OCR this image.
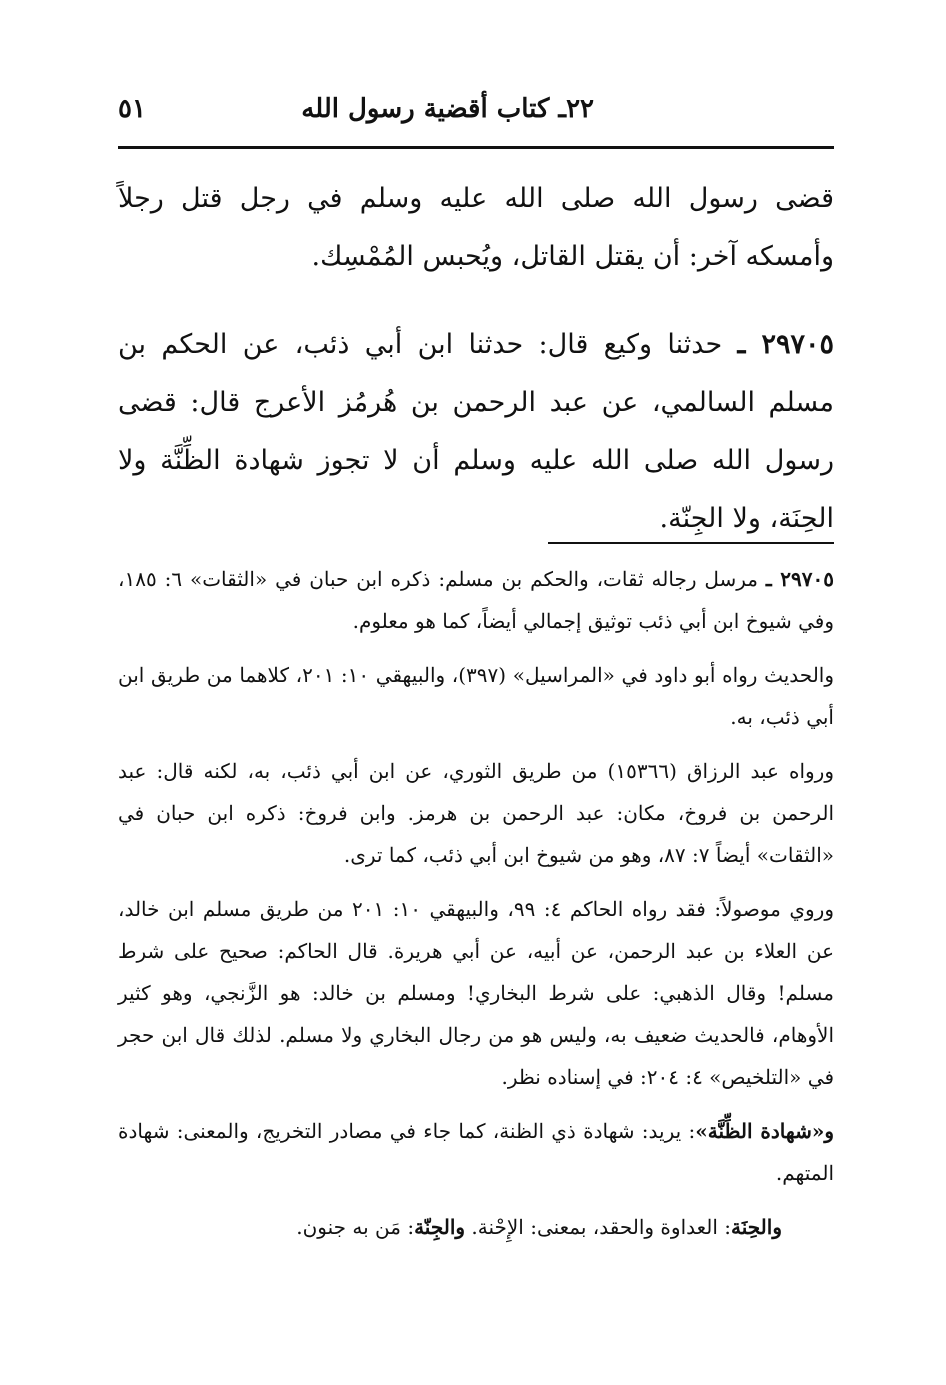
٢٢ـ كتاب أقضية رسول الله
٥١

قضى رسول الله صلى الله عليه وسلم في رجل قتل رجلاً وأمسكه آخر: أن يقتل القاتل، ويُحبس المُمْسِك.

٢٩٧٠٥ ـ حدثنا وكيع قال: حدثنا ابن أبي ذئب، عن الحكم بن مسلم السالمي، عن عبد الرحمن بن هُرمُز الأعرج قال: قضى رسول الله صلى الله عليه وسلم أن لا تجوز شهادة الظِّنَّة ولا الحِنَة، ولا الجِنّة.

٢٩٧٠٥ ـ مرسل رجاله ثقات، والحكم بن مسلم: ذكره ابن حبان في «الثقات» ٦: ١٨٥، وفي شيوخ ابن أبي ذئب توثيق إجمالي أيضاً، كما هو معلوم.

والحديث رواه أبو داود في «المراسيل» (٣٩٧)، والبيهقي ١٠: ٢٠١، كلاهما من طريق ابن أبي ذئب، به.

ورواه عبد الرزاق (١٥٣٦٦) من طريق الثوري، عن ابن أبي ذئب، به، لكنه قال: عبد الرحمن بن فروخ، مكان: عبد الرحمن بن هرمز. وابن فروخ: ذكره ابن حبان في «الثقات» أيضاً ٧: ٨٧، وهو من شيوخ ابن أبي ذئب، كما ترى.

وروي موصولاً: فقد رواه الحاكم ٤: ٩٩، والبيهقي ١٠: ٢٠١ من طريق مسلم ابن خالد، عن العلاء بن عبد الرحمن، عن أبيه، عن أبي هريرة. قال الحاكم: صحيح على شرط مسلم! وقال الذهبي: على شرط البخاري! ومسلم بن خالد: هو الزَّنجي، وهو كثير الأوهام، فالحديث ضعيف به، وليس هو من رجال البخاري ولا مسلم. لذلك قال ابن حجر في «التلخيص» ٤: ٢٠٤: في إسناده نظر.

و«شهادة الظِّنَّة»: يريد: شهادة ذي الظنة، كما جاء في مصادر التخريج، والمعنى: شهادة المتهم.

والحِنَة: العداوة والحقد، بمعنى: الإِحْنة. والجِنّة: مَن به جنون.
